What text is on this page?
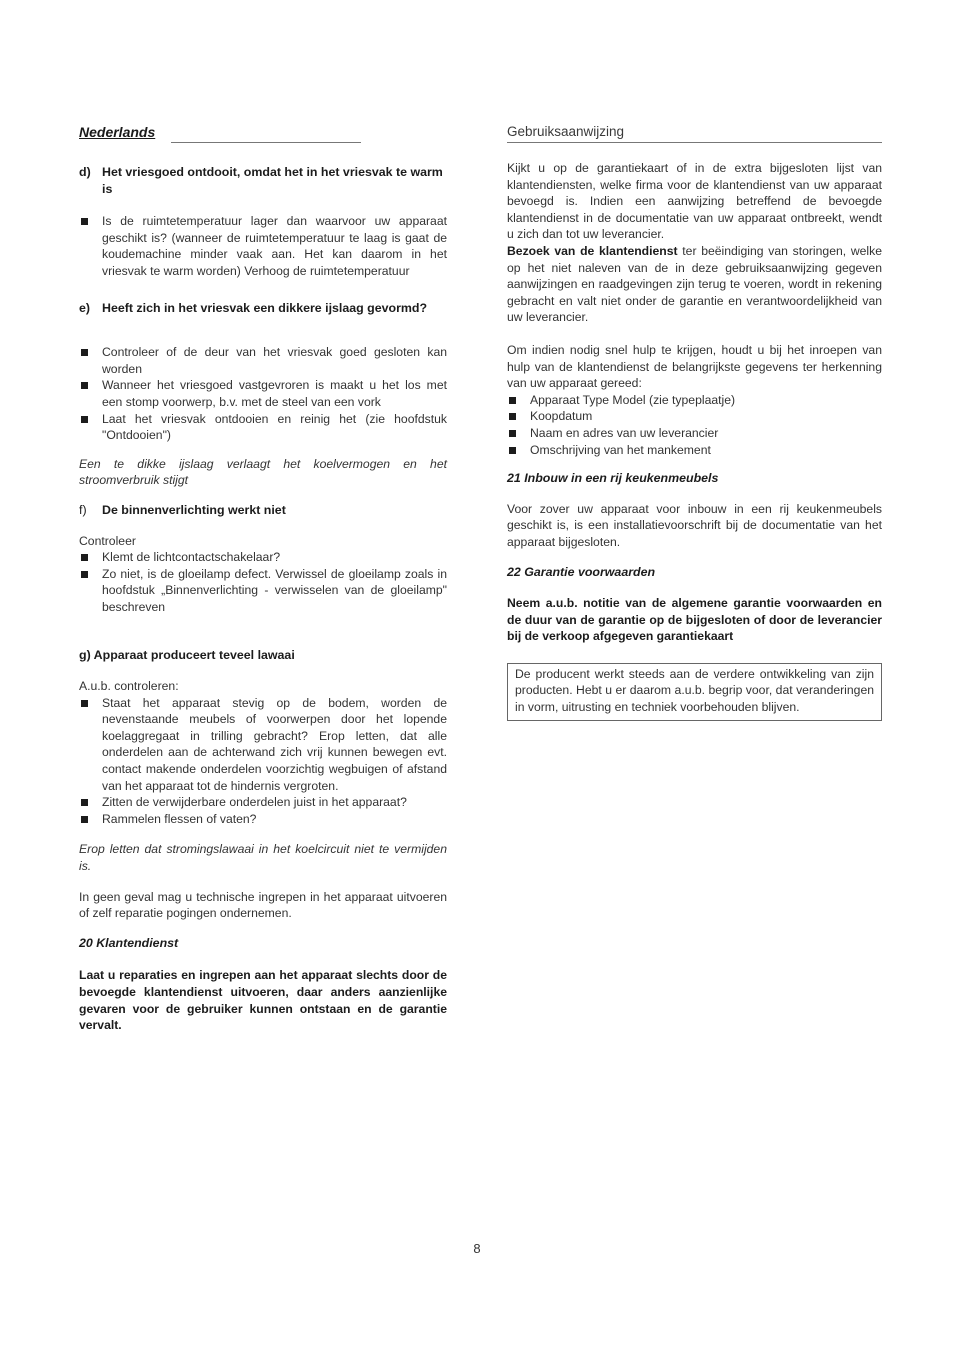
Nederlands
d) Het vriesgoed ontdooit, omdat het in het vriesvak te warm is
Is de ruimtetemperatuur lager dan waarvoor uw apparaat geschikt is? (wanneer de ruimtetemperatuur te laag is gaat de koudemachine minder vaak aan. Het kan daarom in het vriesvak te warm worden) Verhoog de ruimtetemperatuur
e) Heeft zich in het vriesvak een dikkere ijslaag gevormd?
Controleer of de deur van het vriesvak goed gesloten kan worden
Wanneer het vriesgoed vastgevroren is maakt u het los met een stomp voorwerp, b.v. met de steel van een vork
Laat het vriesvak ontdooien en reinig het (zie hoofdstuk "Ontdooien")

Een te dikke ijslaag verlaagt het koelvermogen en het stroomverbruik stijgt

f)	De binnenverlichting werkt niet

Controleer

Klemt de lichtcontactschakelaar?
Zo niet, is de gloeilamp defect. Verwissel de gloeilamp zoals in hoofdstuk „Binnenverlichting - verwisselen van de gloeilamp" beschreven

g) Apparaat produceert teveel lawaai

A.u.b. controleren:

Staat het apparaat stevig op de bodem, worden de nevenstaande meubels of voorwerpen door het lopende koelaggregaat in trilling gebracht? Erop letten, dat alle onderdelen aan de achterwand zich vrij kunnen bewegen evt. contact makende onderdelen voorzichtig wegbuigen of afstand van het apparaat tot de hindernis vergroten.
Zitten de verwijderbare onderdelen juist in het apparaat?
Rammelen flessen of vaten?

Erop letten dat stromingslawaai in het koelcircuit niet te vermijden is.

In geen geval mag u technische ingrepen in het apparaat uitvoeren of zelf reparatie pogingen ondernemen.

20 Klantendienst

Laat u reparaties en ingrepen aan het apparaat slechts door de bevoegde klantendienst uitvoeren, daar anders aanzienlijke gevaren voor de gebruiker kunnen ontstaan en de garantie vervalt.

Gebruiksaanwijzing

Kijkt u op de garantiekaart of in de extra bijgesloten lijst van klantendiensten, welke firma voor de klantendienst van uw apparaat bevoegd is. Indien een aanwijzing betreffend de bevoegde klantendienst in de documentatie van uw apparaat ontbreekt, wendt u zich dan tot uw leverancier.

Bezoek van de klantendienst ter beëindiging van storingen, welke op het niet naleven van de in deze gebruiksaanwijzing gegeven aanwijzingen en raadgevingen zijn terug te voeren, wordt in rekening gebracht en valt niet onder de garantie en verantwoordelijkheid van uw leverancier.

Om indien nodig snel hulp te krijgen, houdt u bij het inroepen van hulp van de klantendienst de belangrijkste gegevens ter herkenning van uw apparaat gereed:

Apparaat Type Model (zie typeplaatje)
Koopdatum
Naam en adres van uw leverancier
Omschrijving van het mankement

21 Inbouw in een rij keukenmeubels

Voor zover uw apparaat voor inbouw in een rij keukenmeubels geschikt is, is een installatievoorschrift bij de documentatie van het apparaat bijgesloten.

22 Garantie voorwaarden

Neem a.u.b. notitie van de algemene garantie voorwaarden en de duur van de garantie op de bijgesloten of door de leverancier bij de verkoop afgegeven garantiekaart

De producent werkt steeds aan de verdere ontwikkeling van zijn producten. Hebt u er daarom a.u.b. begrip voor, dat veranderingen in vorm, uitrusting en techniek voorbehouden blijven.
8
